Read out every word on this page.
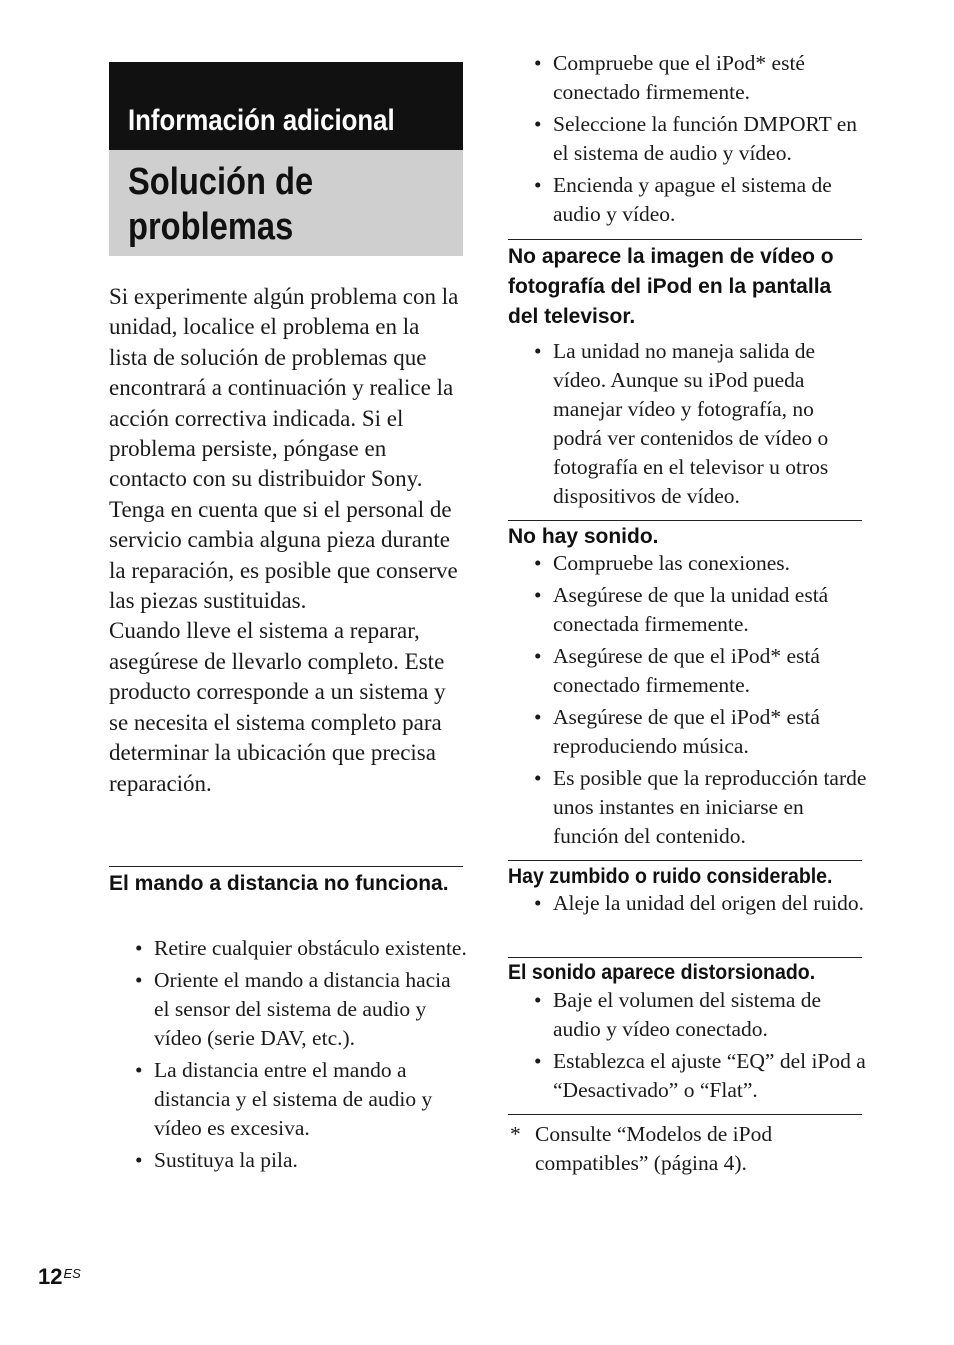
Información adicional
Solución de problemas

Si experimente algún problema con la unidad, localice el problema en la lista de solución de problemas que encontrará a continuación y realice la acción correctiva indicada. Si el problema persiste, póngase en contacto con su distribuidor Sony.

Tenga en cuenta que si el personal de servicio cambia alguna pieza durante la reparación, es posible que conserve las piezas sustituidas.

Cuando lleve el sistema a reparar, asegúrese de llevarlo completo. Este producto corresponde a un sistema y se necesita el sistema completo para determinar la ubicación que precisa reparación.

El mando a distancia no funciona.
• Retire cualquier obstáculo existente.
• Oriente el mando a distancia hacia el sensor del sistema de audio y vídeo (serie DAV, etc.).
• La distancia entre el mando a distancia y el sistema de audio y vídeo es excesiva.
• Sustituya la pila.
• Compruebe que el iPod* esté conectado firmemente.
• Seleccione la función DMPORT en el sistema de audio y vídeo.
• Encienda y apague el sistema de audio y vídeo.
No aparece la imagen de vídeo o fotografía del iPod en la pantalla del televisor.
• La unidad no maneja salida de vídeo. Aunque su iPod pueda manejar vídeo y fotografía, no podrá ver contenidos de vídeo o fotografía en el televisor u otros dispositivos de vídeo.
No hay sonido.
• Compruebe las conexiones.
• Asegúrese de que la unidad está conectada firmemente.
• Asegúrese de que el iPod* está conectado firmemente.
• Asegúrese de que el iPod* está reproduciendo música.
• Es posible que la reproducción tarde unos instantes en iniciarse en función del contenido.
Hay zumbido o ruido considerable.
• Aleje la unidad del origen del ruido.
El sonido aparece distorsionado.
• Baje el volumen del sistema de audio y vídeo conectado.
• Establezca el ajuste “EQ” del iPod a “Desactivado” o “Flat”.
* Consulte “Modelos de iPod compatibles” (página 4).
$12^{ES}$
